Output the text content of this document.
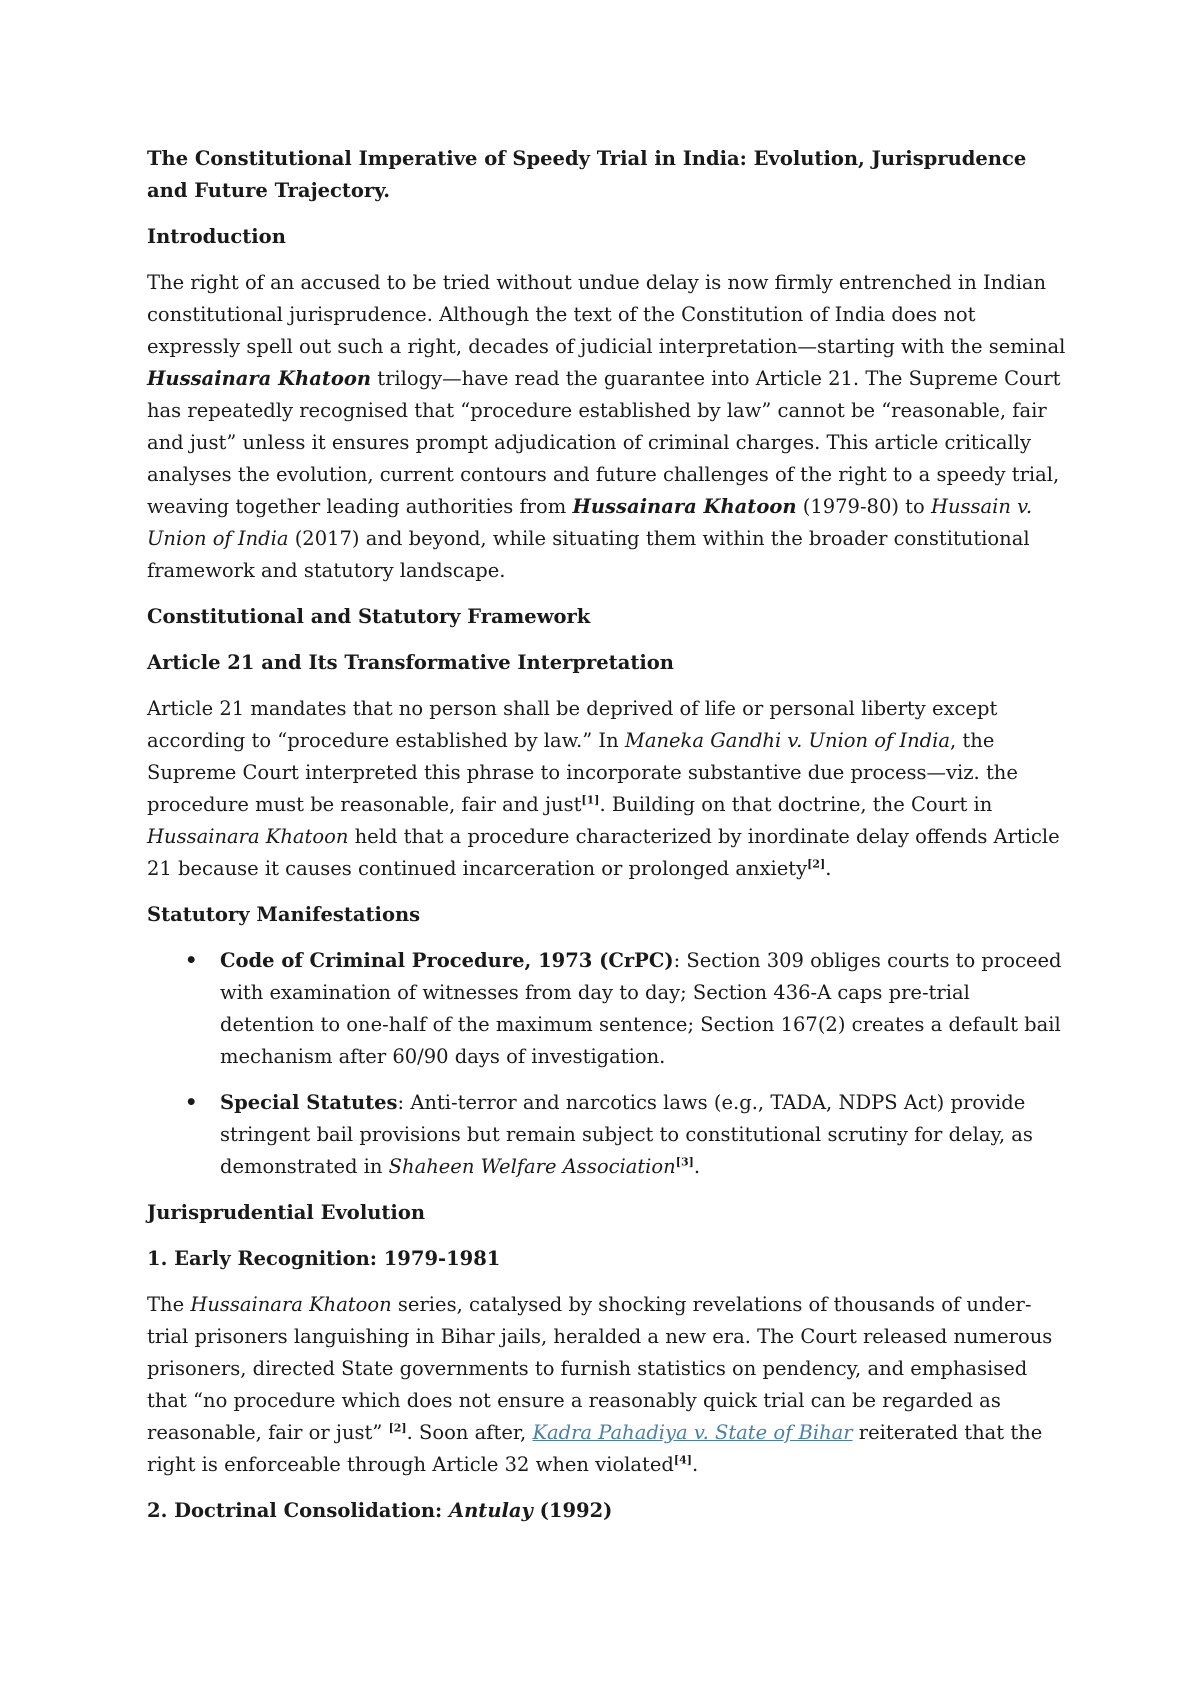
The Constitutional Imperative of Speedy Trial in India: Evolution, Jurisprudence and Future Trajectory.
Introduction

The right of an accused to be tried without undue delay is now firmly entrenched in Indian constitutional jurisprudence. Although the text of the Constitution of India does not expressly spell out such a right, decades of judicial interpretation—starting with the seminal Hussainara Khatoon trilogy—have read the guarantee into Article 21. The Supreme Court has repeatedly recognised that “procedure established by law” cannot be “reasonable, fair and just” unless it ensures prompt adjudication of criminal charges. This article critically analyses the evolution, current contours and future challenges of the right to a speedy trial, weaving together leading authorities from Hussainara Khatoon (1979-80) to Hussain v. Union of India (2017) and beyond, while situating them within the broader constitutional framework and statutory landscape.

Constitutional and Statutory Framework
Article 21 and Its Transformative Interpretation

Article 21 mandates that no person shall be deprived of life or personal liberty except according to “procedure established by law.” In Maneka Gandhi v. Union of India, the Supreme Court interpreted this phrase to incorporate substantive due process—viz. the procedure must be reasonable, fair and just[1]. Building on that doctrine, the Court in Hussainara Khatoon held that a procedure characterized by inordinate delay offends Article 21 because it causes continued incarceration or prolonged anxiety[2].

Statutory Manifestations
• Code of Criminal Procedure, 1973 (CrPC): Section 309 obliges courts to proceed with examination of witnesses from day to day; Section 436-A caps pre-trial detention to one-half of the maximum sentence; Section 167(2) creates a default bail mechanism after 60/90 days of investigation.
• Special Statutes: Anti-terror and narcotics laws (e.g., TADA, NDPS Act) provide stringent bail provisions but remain subject to constitutional scrutiny for delay, as demonstrated in Shaheen Welfare Association[3].
Jurisprudential Evolution
1. Early Recognition: 1979-1981

The Hussainara Khatoon series, catalysed by shocking revelations of thousands of under-trial prisoners languishing in Bihar jails, heralded a new era. The Court released numerous prisoners, directed State governments to furnish statistics on pendency, and emphasised that “no procedure which does not ensure a reasonably quick trial can be regarded as reasonable, fair or just” [2]. Soon after, Kadra Pahadiya v. State of Bihar reiterated that the right is enforceable through Article 32 when violated[4].

2. Doctrinal Consolidation: Antulay (1992)
